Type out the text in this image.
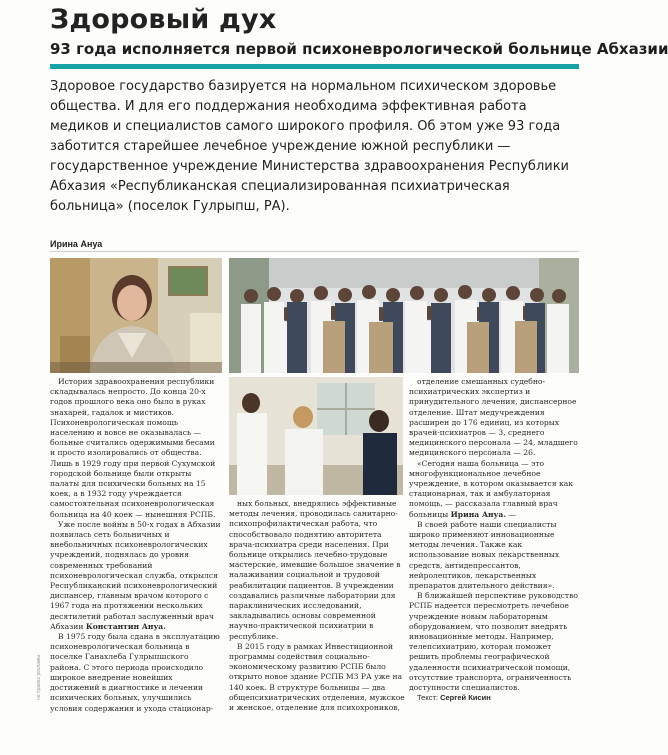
Здоровый дух
93 года исполняется первой психоневрологической больнице Абхазии

Здоровое государство базируется на нормальном психическом здоровье общества. И для его поддержания необходима эффективная работа медиков и специалистов самого широкого профиля. Об этом уже 93 года заботится старейшее лечебное учреждение южной республики — государственное учреждение Министерства здравоохранения Республики Абхазия «Республиканская специализированная психиатрическая больница» (поселок Гулрыпш, РА).

Ирина Ануа

История здравоохранения республики складывалась непросто. До конца 20-х годов прошлого века оно было в руках знахарей, гадалок и мистиков. Психоневрологическая помощь населению и вовсе не оказывалась — больные считались одержимыми бесами и просто изолировались от общества. Лишь в 1929 году при первой Сухумской городской больнице были открыты палаты для психически больных на 15 коек, а в 1932 году учреждается самостоятельная психоневрологическая больница на 40 коек — нынешняя РСПБ.

Уже после войны в 50-х годах в Абхазии появилась сеть больничных и внебольничных психоневрологических учреждений, поднялась до уровня современных требований психоневрологическая служба, открылся Республиканский психоневрологический диспансер, главным врачом которого с 1967 года на протяжении нескольких десятилетий работал заслуженный врач Абхазии Константин Ануа.

В 1975 году была сдана в эксплуатацию психоневрологическая больница в поселке Ганахлеба Гулрыпшского района. С этого периода происходило широкое внедрение новейших достижений в диагностике и лечении психических больных, улучшились условия содержания и ухода стационар-

ных больных, внедрялись эффективные методы лечения, проводилась санитарно-психопрофилактическая работа, что способствовало поднятию авторитета врача-психиатра среди населения. При больнице открылись лечебно-трудовые мастерские, имевшие большое значение в налаживании социальной и трудовой реабилитации пациентов. В учреждении создавались различные лаборатории для параклинических исследований, закладывались основы современной научно-практической психиатрии в республике.

В 2015 году в рамках Инвестиционной программы содействия социально-экономическому развитию РСПБ было открыто новое здание РСПБ МЗ РА уже на 140 коек. В структуре больницы — два общепсихиатрических отделения, мужское и женское, отделение для психохроников,

отделение смешанных судебно-психиатрических экспертиз и принудительного лечения, диспансерное отделение. Штат медучреждения расширен до 176 единиц, из которых врачей-психиатров — 3, среднего медицинского персонала — 24, младшего медицинского персонала — 26.

«Сегодня наша больница — это многофункциональное лечебное учреждение, в котором оказывается как стационарная, так и амбулаторная помощь, — рассказала главный врач больницы Ирина Ануа. —

В своей работе наши специалисты широко применяют инновационные методы лечения. Также как использование новых лекарственных средств, антидепрессантов, нейролептиков, лекарственных препаратов длительного действия».

В ближайшей перспективе руководство РСПБ надеется пересмотреть лечебное учреждение новым лабораторным оборудованием, что позволит внедрять инновационные методы. Например, телепсихиатрию, которая поможет решить проблемы географической удаленности психиатрической помощи, отсутствие транспорта, ограниченность доступности специалистов.

Текст: Сергей Кисин

на правах рекламы
